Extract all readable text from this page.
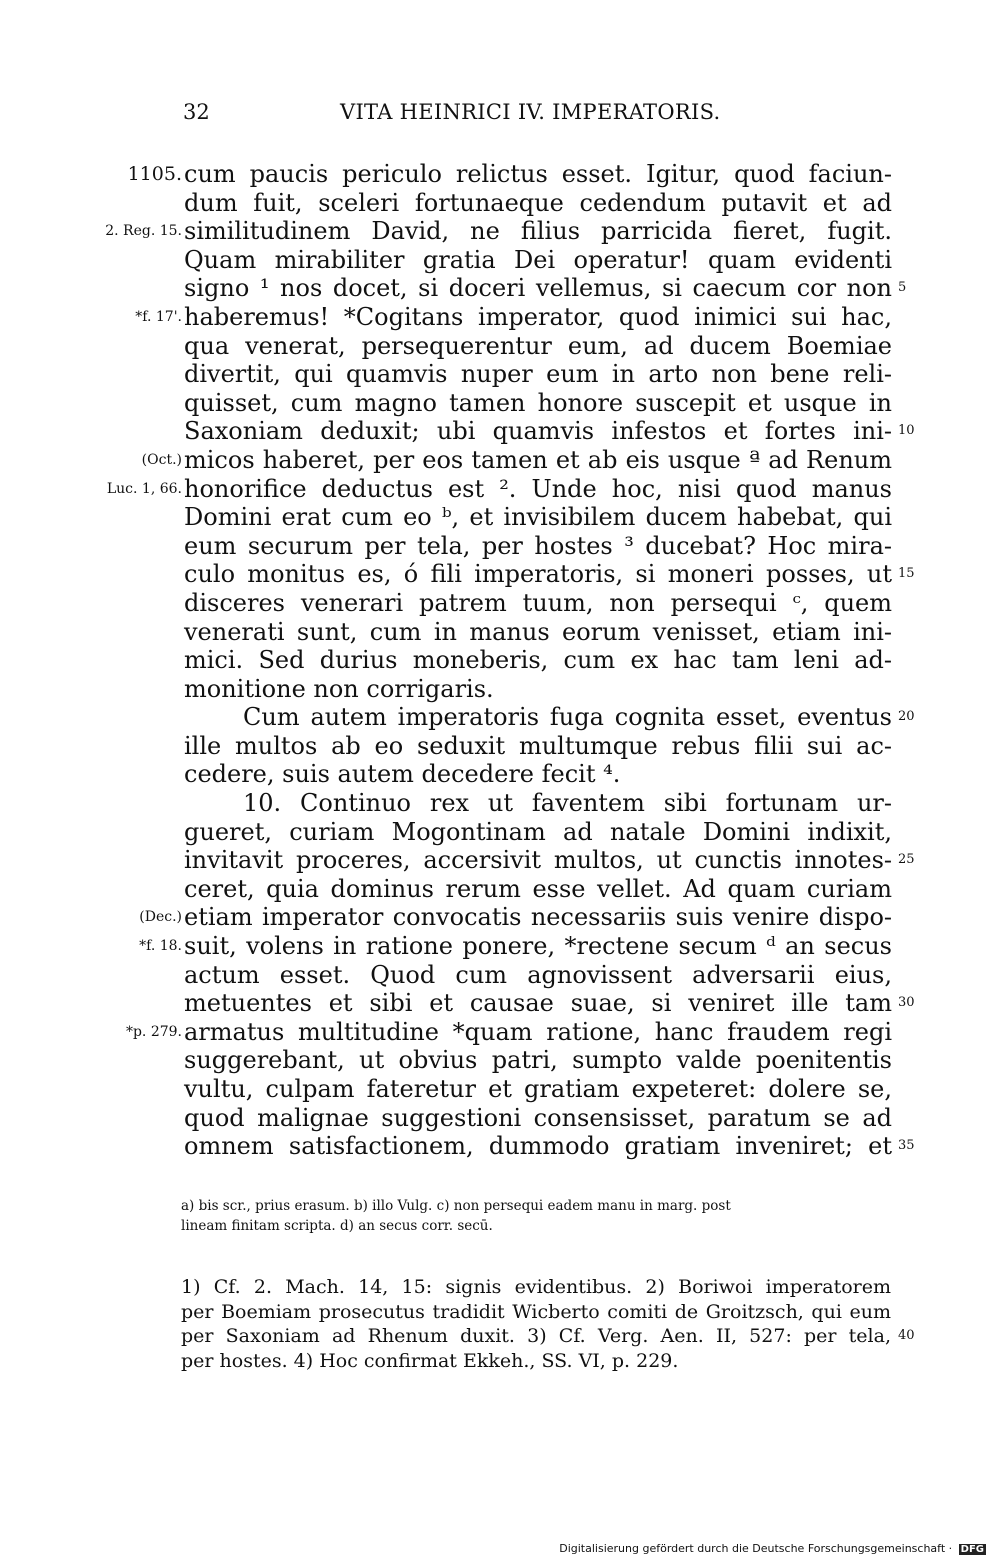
32	VITA HEINRICI IV. IMPERATORIS.
1105. cum paucis periculo relictus esset. Igitur, quod faciun-
dum fuit, sceleri fortunaeque cedendum putavit et ad
2. Reg. 15. similitudinem David, ne filius parricida fieret, fugit.
Quam mirabiliter gratia Dei operatur! quam evidenti
signo ¹ nos docet, si doceri vellemus, si caecum cor non 5
*f. 17'. haberemus! *Cogitans imperator, quod inimici sui hac,
qua venerat, persequerentur eum, ad ducem Boemiae
divertit, qui quamvis nuper eum in arto non bene reli-
quisset, cum magno tamen honore suscepit et usque in
Saxoniam deduxit; ubi quamvis infestos et fortes ini- 10
(Oct.) micos haberet, per eos tamen et ab eis usque ª ad Renum
Luc. 1, 66. honorifice deductus est ². Unde hoc, nisi quod manus
Domini erat cum eo ᵇ, et invisibilem ducem habebat, qui
eum securum per tela, per hostes ³ ducebat? Hoc mira-
culo monitus es, ó fili imperatoris, si moneri posses, ut 15
disceres venerari patrem tuum, non persequi ᶜ, quem
venerati sunt, cum in manus eorum venisset, etiam ini-
mici. Sed durius moneberis, cum ex hac tam leni ad-
monitione non corrigaris.
Cum autem imperatoris fuga cognita esset, eventus 20
ille multos ab eo seduxit multumque rebus filii sui ac-
cedere, suis autem decedere fecit ⁴.
10. Continuo rex ut faventem sibi fortunam ur-
gueret, curiam Mogontinam ad natale Domini indixit,
invitavit proceres, accersivit multos, ut cunctis innotes- 25
ceret, quia dominus rerum esse vellet. Ad quam curiam
(Dec.) etiam imperator convocatis necessariis suis venire dispo-
*f. 18. suit, volens in ratione ponere, *rectene secum ᵈ an secus
actum esset. Quod cum agnovissent adversarii eius,
metuentes et sibi et causae suae, si veniret ille tam 30
*p. 279. armatus multitudine *quam ratione, hanc fraudem regi
suggerebant, ut obvius patri, sumpto valde poenitentis
vultu, culpam fateretur et gratiam expeteret: dolere se,
quod malignae suggestioni consensisset, paratum se ad
omnem satisfactionem, dummodo gratiam inveniret; et 35
a) bis scr., prius erasum. b) illo Vulg. c) non persequi eadem manu in marg. post
lineam finitam scripta. d) an secus corr. secū.
1) Cf. 2. Mach. 14, 15: signis evidentibus. 2) Boriwoi imperatorem
per Boemiam prosecutus tradidit Wicberto comiti de Groitzsch, qui eum
per Saxoniam ad Rhenum duxit. 3) Cf. Verg. Aen. II, 527: per tela, 40
per hostes. 4) Hoc confirmat Ekkeh., SS. VI, p. 229.
Digitalisierung gefördert durch die Deutsche Forschungsgemeinschaft · DFG
